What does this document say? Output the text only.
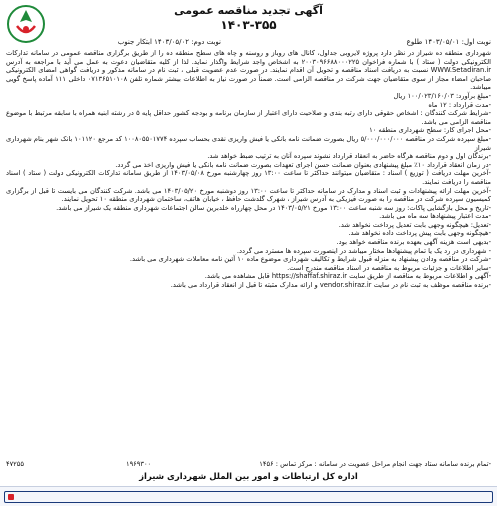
آگهی تجدید مناقصه عمومی
۱۴۰۳-۳۵۵
نوبت اول: ۱۴۰۳/۰۵/۰۱ طلوع
نوبت دوم: ۱۴۰۳/۰۵/۰۲ ابتکار جنوب

شهرداری منطقه ده شیراز در نظر دارد پروژه لایروبی جداول، کانال های روباز و روسنه و چاه های سطح منطقه ده را از طریق برگزاری مناقصه عمومی در سامانه تدارکات الکترونیکی دولت ( ستاد ) با شماره فراخوان ۲۰۰۳۰۹۶۶۸۸۰۰۰۲۲۵ به اشخاص واجد شرایط واگذار نماید. لذا از کلیه متقاضیان دعوت به عمل می آید با مراجعه به آدرس WWW.Setadiran.ir نسبت به دریافت اسناد مناقصه و تحویل آن اقدام نمایند. در صورت عدم عضویت قبلی ، ثبت نام در سامانه مذکور و دریافت گواهی امضای الکترونیکی صاحبان امضاء مجاز از سوی متقاضیان جهت شرکت در مناقصه الزامی است. ضمناً در صورت نیاز به اطلاعات بیشتر شماره تلفن ۰۷۱۳۶۵۱۰۱۰۸ داخلی ۱۱۱ آماده پاسخ گویی میباشد.

-مبلغ برآورد: ۱۰۰/۰۲۳/۱۶۰/۰۳ ریال

-مدت قرارداد : ۱۲ ماه

-شرایط شرکت کنندگان : اشخاص حقوقی دارای رتبه بندی و صلاحیت دارای اعتبار از سازمان برنامه و بودجه کشور حداقل پایه ۵ در رشته ابنیه همراه با سابقه مرتبط با موضوع مناقصه الزامی می باشد.

-محل اجرای کار: سطح شهرداری منطقه ۱۰

-مبلغ سپرده شرکت در مناقصه ۵/۰۰۰/۰۰۰/۰۰۰ ریال بصورت ضمانت نامه بانکی یا فیش واریزی نقدی بحساب سپرده ۱۰۰۸۰۵۵۰۱۷۷۴ کد مرجع ۱۰۱۱۲۰ بانک شهر بنام شهرداری شیراز

-برندگان اول و دوم مناقصه هرگاه حاضر به انعقاد قرارداد نشوند سپرده آنان به ترتیب ضبط خواهد شد.

-در زمان انعقاد قرارداد ۱۰٪ مبلغ پیشنهادی بعنوان ضمانت حسن اجرای تعهدات بصورت ضمانت نامه بانکی یا فیش واریزی اخذ می گردد.

-آخرین مهلت دریافت ( توزیع ) اسناد : متقاضیان میتوانند حداکثر تا ساعت ۱۳:۰۰ روز چهارشنبه مورخ ۱۴۰۳/۰۵/۰۸ از طریق سامانه تدارکات الکترونیکی دولت ( ستاد ) اسناد مناقصه را دریافت نمایند.

-آخرین مهلت ارائه پیشنهادات و ثبت اسناد و مدارک در سامانه حداکثر تا ساعت ۱۳:۰۰ روز دوشنبه مورخ ۱۴۰۳/۰۵/۲۰ می باشد. شرکت کنندگان می بایست تا قبل از برگزاری کمیسیون سپرده شرکت در مناقصه را به صورت فیزیکی به آدرس شیراز ، شهرک گلدشت حافظ ، خیابان هاتف، ساختمان شهرداری منطقه ۱۰ تحویل نمایند.

-تاریخ و محل بازگشایی پاکات: روز سه شنبه ساعت ۱۳:۰۰ مورخ ۱۴۰۳/۰۵/۲۱ در محل چهارراه خلدبرین سالن اجتماعات شهرداری منطقه یک شیراز می باشد.

-مدت اعتبار پیشنهادها سه ماه می باشد.

-تعدیل: هیچگونه وجهی بابت تعدیل پرداخت نخواهد شد.

-هیچگونه وجهی بابت پیش پرداخت داده نخواهد شد.

-بدیهی است هزینه آگهی بعهده برنده مناقصه خواهد بود.

- شهرداری در رد یک یا تمام پیشنهادها مختار میباشد در اینصورت سپرده ها مسترد می گردد.

-شرکت در مناقصه ودادن پیشنهاد به منزله قبول شرایط و تکالیف شهرداری موضوع ماده ۱۰ آئین نامه معاملات شهرداری می باشد.

-سایر اطلاعات و جزئیات مربوط به مناقصه در اسناد مناقصه مندرج است.

-آگهی و اطلاعات مربوط به مناقصه از طریق سایت https://shaffaf.shiraz.ir قابل مشاهده می باشد.

-برنده مناقصه موظف به ثبت نام در سایت vendor.shiraz.ir و ارائه مدارک مثبته تا قبل از انعقاد قرارداد می باشد.

-تمام برنده سامانه ستاد جهت انجام مراحل عضویت در سامانه : مرکز تماس : ۱۴۵۶
۱۹۶۹۳۰۰
۴۷۲۵۵
اداره کل ارتباطات و امور بین الملل شهرداری شیراز
